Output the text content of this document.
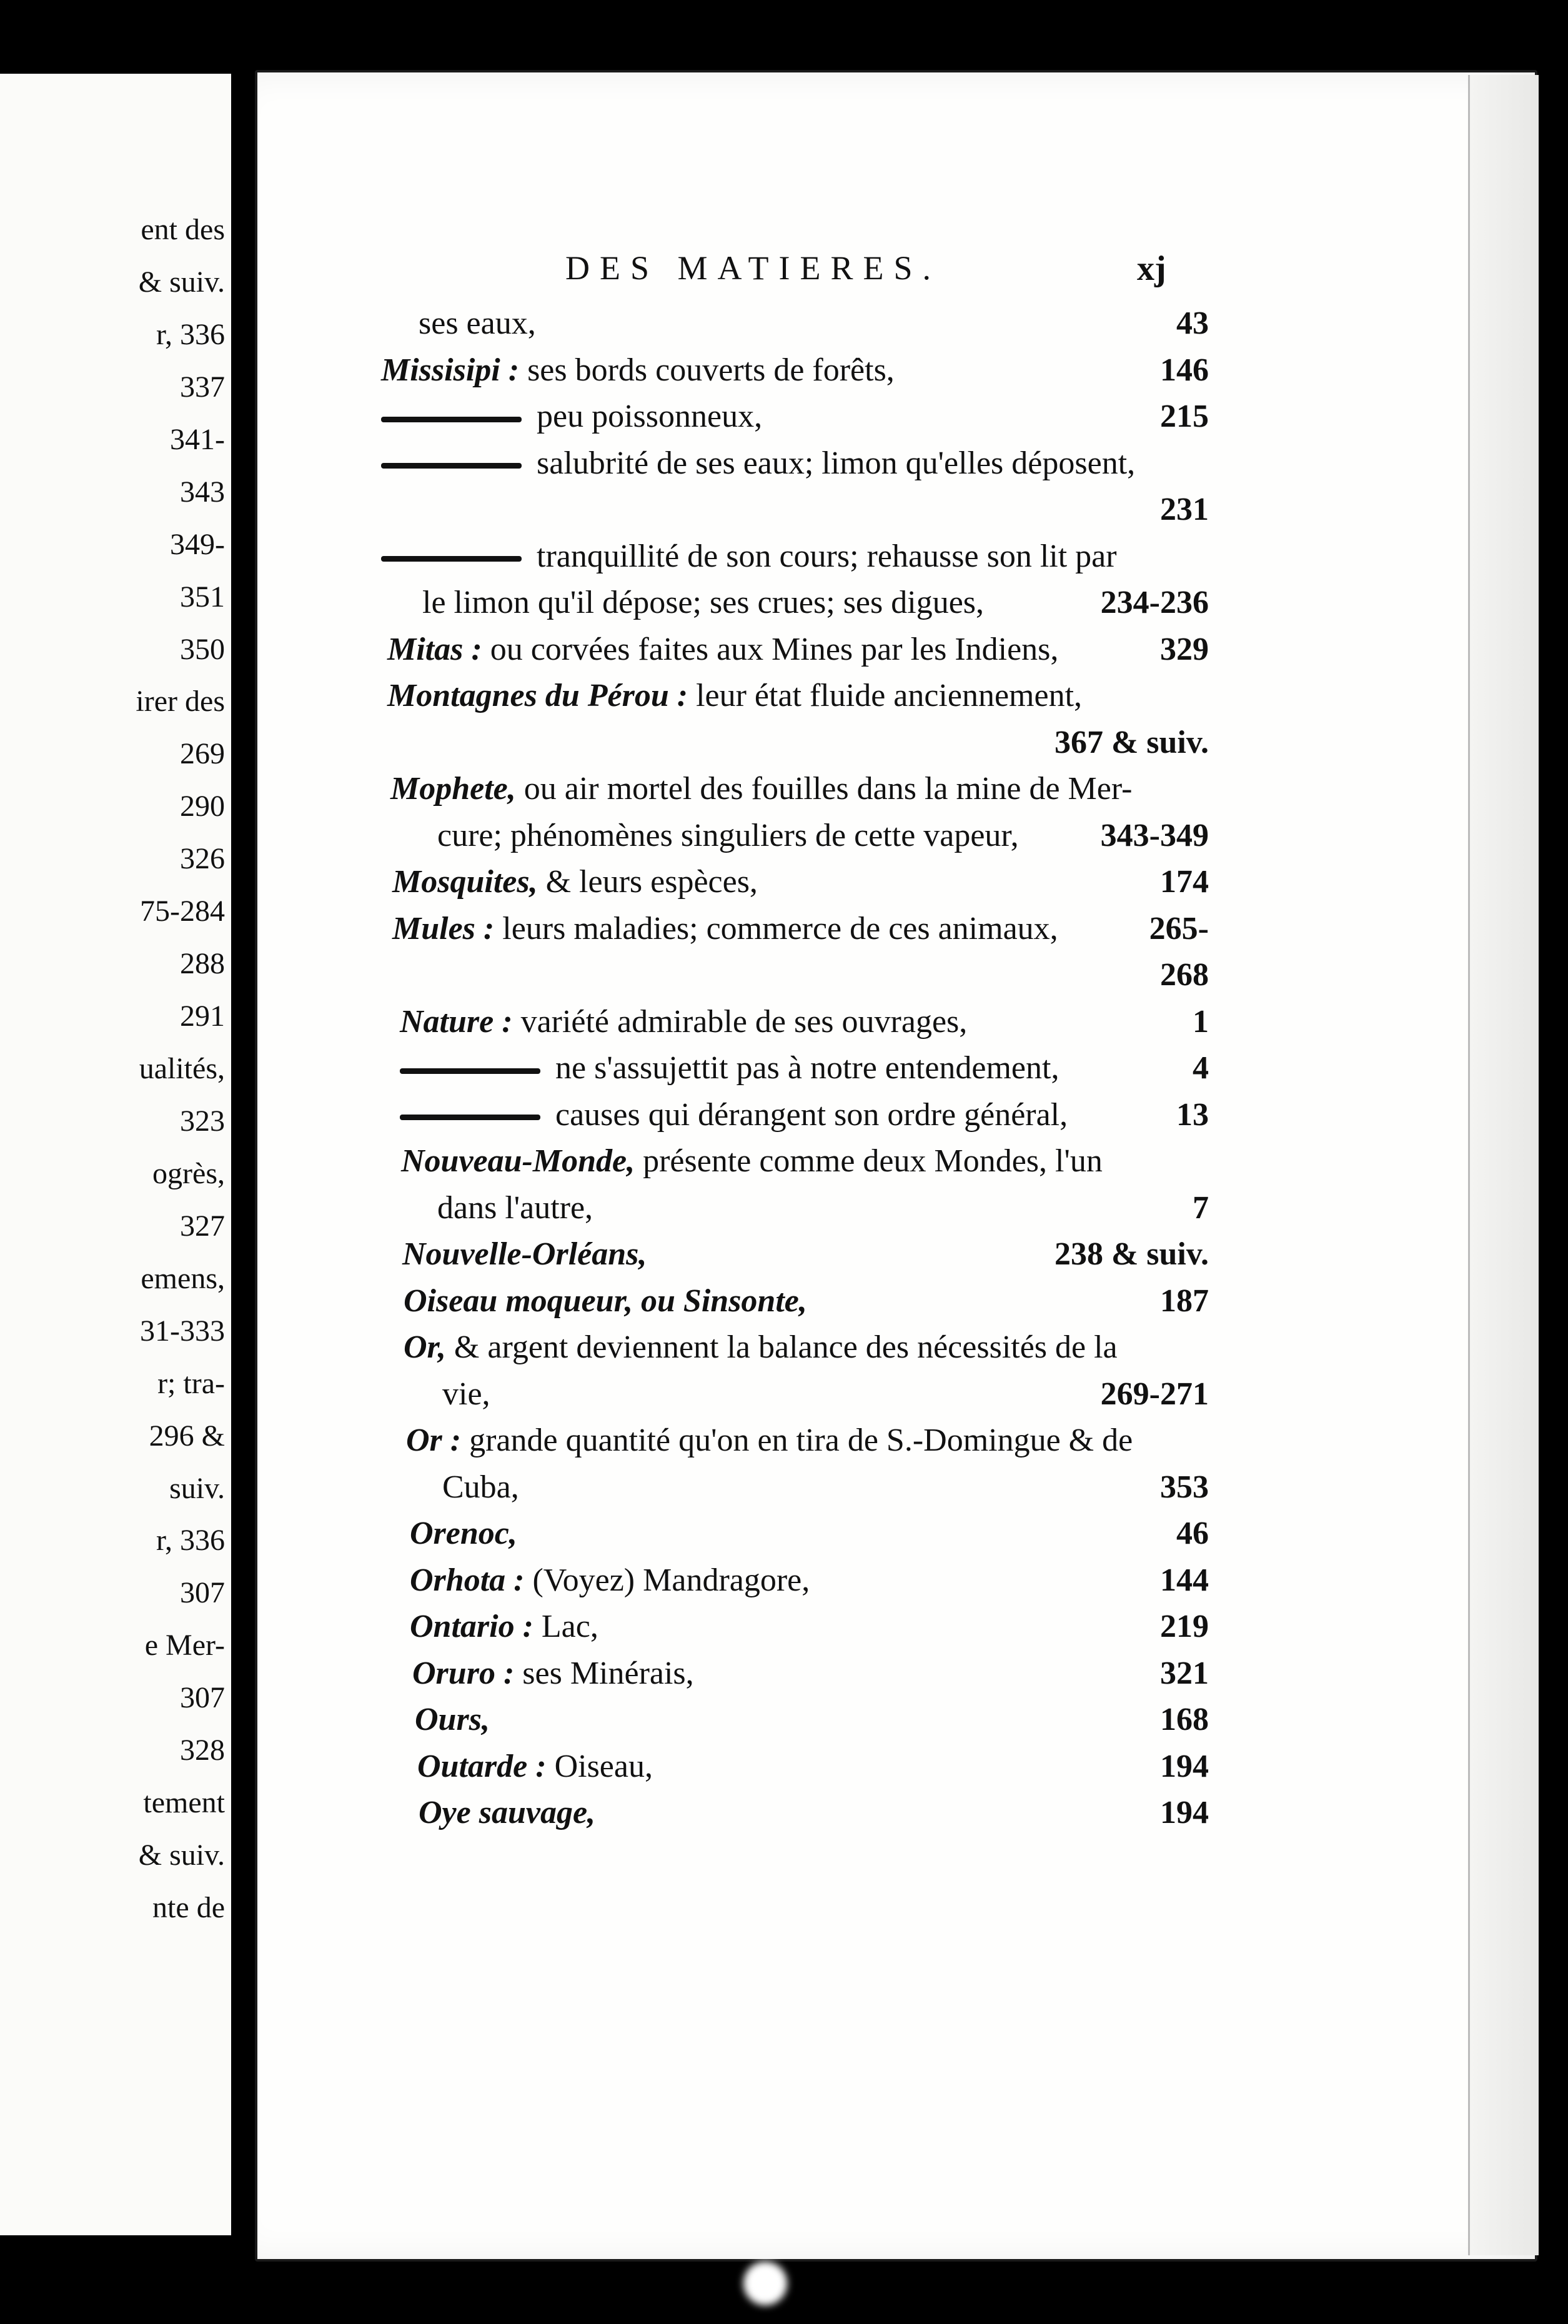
ent des
& suiv.
r, 336
337
341-
343
349-
351
350
irer des
269
290
326
75-284
288
291
ualités,
323
ogrès,
327
emens,
31-333
r; tra-
296 &
suiv.
r, 336
307
e Mer-
307
328
tement
& suiv.
nte de
DES MATIERES.	xj
ses eaux,	43
Missisipi : ses bords couverts de forêts,	146
peu poissonneux,	215
salubrité de ses eaux; limon qu'elles déposent,
231
tranquillité de son cours; rehausse son lit par
le limon qu'il dépose; ses crues; ses digues,	234-236
Mitas : ou corvées faites aux Mines par les Indiens,	329
Montagnes du Pérou : leur état fluide anciennement,
367 & suiv.
Mophete, ou air mortel des fouilles dans la mine de Mer-
cure; phénomènes singuliers de cette vapeur,	343-349
Mosquites, & leurs espèces,	174
Mules : leurs maladies; commerce de ces animaux,	265-
268
Nature : variété admirable de ses ouvrages,	1
ne s'assujettit pas à notre entendement,	4
causes qui dérangent son ordre général,	13
Nouveau-Monde, présente comme deux Mondes, l'un
dans l'autre,	7
Nouvelle-Orléans,	238 & suiv.
Oiseau moqueur, ou Sinsonte,	187
Or, & argent deviennent la balance des nécessités de la
vie,	269-271
Or : grande quantité qu'on en tira de S.-Domingue & de
Cuba,	353
Orenoc,	46
Orhota : (Voyez) Mandragore,	144
Ontario : Lac,	219
Oruro : ses Minérais,	321
Ours,	168
Outarde : Oiseau,	194
Oye sauvage,	194
